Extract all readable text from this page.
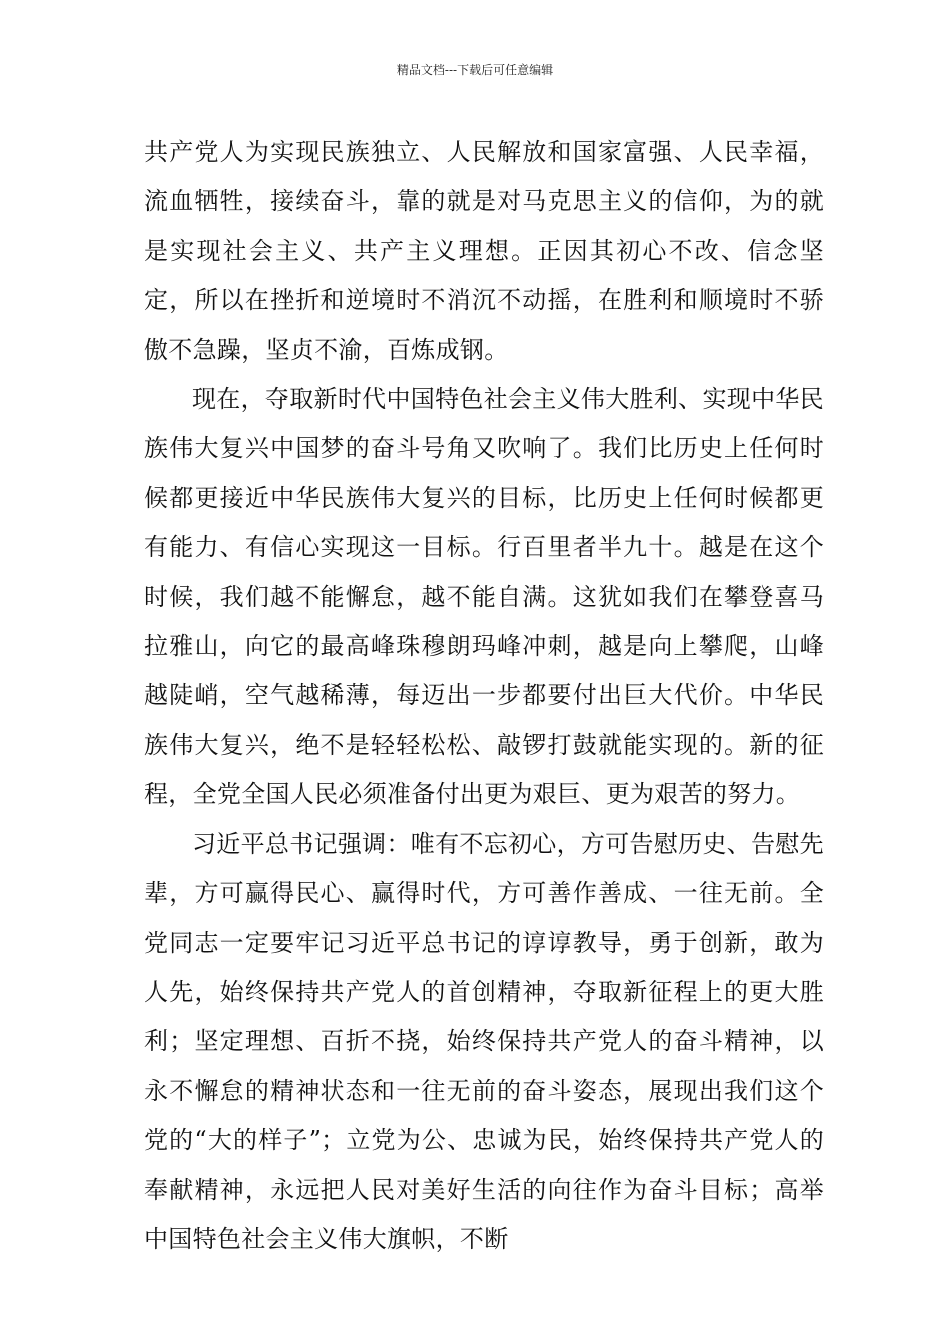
精品文档---下载后可任意编辑

共产党人为实现民族独立、人民解放和国家富强、人民幸福，流血牺牲，接续奋斗，靠的就是对马克思主义的信仰，为的就是实现社会主义、共产主义理想。正因其初心不改、信念坚定，所以在挫折和逆境时不消沉不动摇，在胜利和顺境时不骄傲不急躁，坚贞不渝，百炼成钢。

现在，夺取新时代中国特色社会主义伟大胜利、实现中华民族伟大复兴中国梦的奋斗号角又吹响了。我们比历史上任何时候都更接近中华民族伟大复兴的目标，比历史上任何时候都更有能力、有信心实现这一目标。行百里者半九十。越是在这个时候，我们越不能懈怠，越不能自满。这犹如我们在攀登喜马拉雅山，向它的最高峰珠穆朗玛峰冲刺，越是向上攀爬，山峰越陡峭，空气越稀薄，每迈出一步都要付出巨大代价。中华民族伟大复兴，绝不是轻轻松松、敲锣打鼓就能实现的。新的征程，全党全国人民必须准备付出更为艰巨、更为艰苦的努力。

习近平总书记强调：唯有不忘初心，方可告慰历史、告慰先辈，方可赢得民心、赢得时代，方可善作善成、一往无前。全党同志一定要牢记习近平总书记的谆谆教导，勇于创新，敢为人先，始终保持共产党人的首创精神，夺取新征程上的更大胜利；坚定理想、百折不挠，始终保持共产党人的奋斗精神，以永不懈怠的精神状态和一往无前的奋斗姿态，展现出我们这个党的“大的样子”；立党为公、忠诚为民，始终保持共产党人的奉献精神，永远把人民对美好生活的向往作为奋斗目标；高举中国特色社会主义伟大旗帜，不断
